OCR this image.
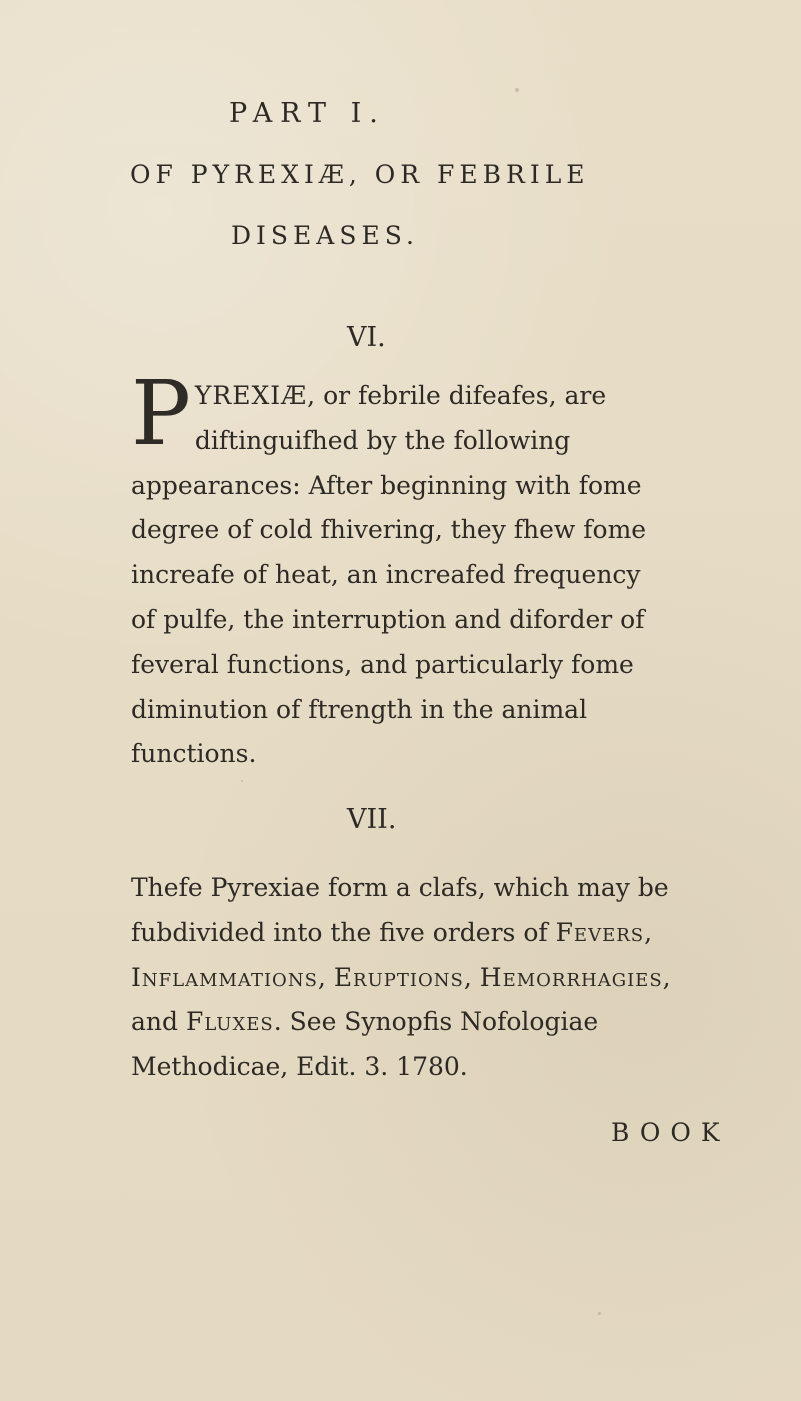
PART I.
OF PYREXIÆ, OR FEBRILE
DISEASES.
VI.

PYREXIÆ, or febrile difeafes, are diftinguifhed by the following appearances: After beginning with fome degree of cold fhivering, they fhew fome increafe of heat, an increafed frequency of pulfe, the interruption and diforder of feveral functions, and particularly fome diminution of ftrength in the animal functions.

VII.

Thefe Pyrexiae form a clafs, which may be fubdivided into the five orders of Fevers, Inflammations, Eruptions, Hemorrhagies, and Fluxes. See Synopfis Nofologiae Methodicae, Edit. 3. 1780.

BOOK
